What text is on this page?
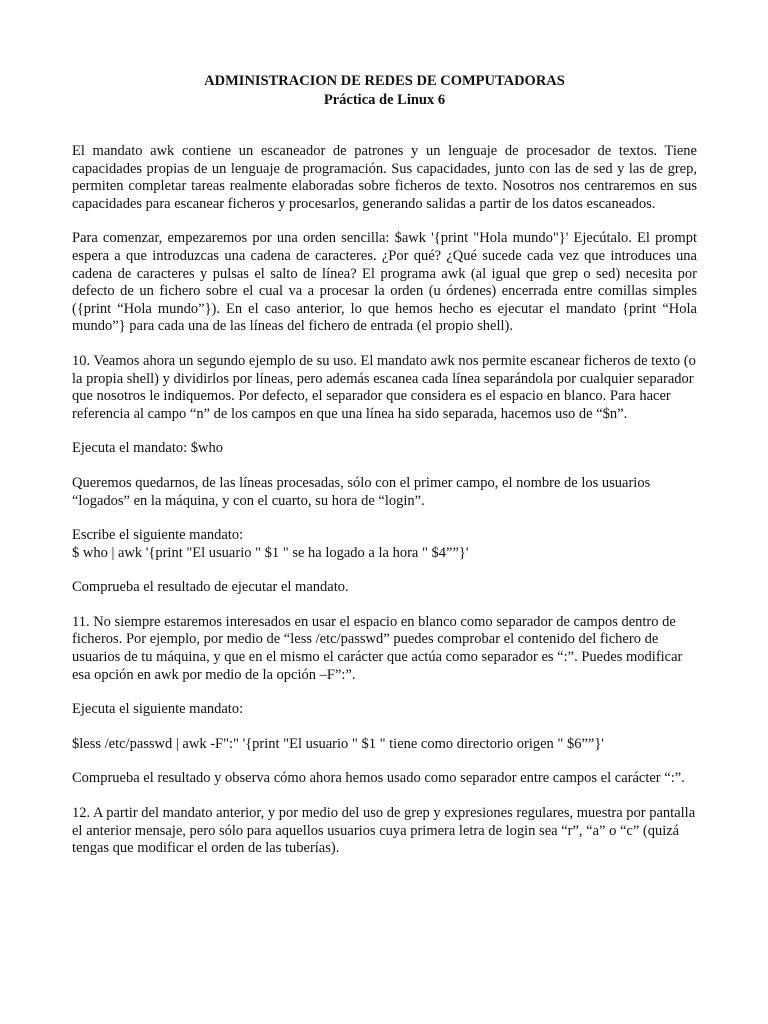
ADMINISTRACION DE REDES DE COMPUTADORAS
Práctica de Linux 6

El mandato awk contiene un escaneador de patrones y un lenguaje de procesador de textos. Tiene capacidades propias de un lenguaje de programación. Sus capacidades, junto con las de sed y las de grep, permiten completar tareas realmente elaboradas sobre ficheros de texto. Nosotros nos centraremos en sus capacidades para escanear ficheros y procesarlos, generando salidas a partir de los datos escaneados.

Para comenzar, empezaremos por una orden sencilla: $awk '{print "Hola mundo"}' Ejecútalo. El prompt espera a que introduzcas una cadena de caracteres. ¿Por qué? ¿Qué sucede cada vez que introduces una cadena de caracteres y pulsas el salto de línea? El programa awk (al igual que grep o sed) necesita por defecto de un fichero sobre el cual va a procesar la orden (u órdenes) encerrada entre comillas simples ({print “Hola mundo”}). En el caso anterior, lo que hemos hecho es ejecutar el mandato {print “Hola mundo”} para cada una de las líneas del fichero de entrada (el propio shell).

10. Veamos ahora un segundo ejemplo de su uso. El mandato awk nos permite escanear ficheros de texto (o la propia shell) y dividirlos por líneas, pero además escanea cada línea separándola por cualquier separador que nosotros le indiquemos. Por defecto, el separador que considera es el espacio en blanco. Para hacer referencia al campo “n” de los campos en que una línea ha sido separada, hacemos uso de “$n”.

Ejecuta el mandato: $who

Queremos quedarnos, de las líneas procesadas, sólo con el primer campo, el nombre de los usuarios “logados” en la máquina, y con el cuarto, su hora de “login”.

Escribe el siguiente mandato:

$ who | awk '{print "El usuario " $1 " se ha logado a la hora " $4””}'

Comprueba el resultado de ejecutar el mandato.

11. No siempre estaremos interesados en usar el espacio en blanco como separador de campos dentro de ficheros. Por ejemplo, por medio de “less /etc/passwd” puedes comprobar el contenido del fichero de usuarios de tu máquina, y que en el mismo el carácter que actúa como separador es “:”. Puedes modificar esa opción en awk por medio de la opción –F”:”.

Ejecuta el siguiente mandato:

$less /etc/passwd | awk -F":" '{print "El usuario " $1 " tiene como directorio origen " $6””}'

Comprueba el resultado y observa cómo ahora hemos usado como separador entre campos el carácter “:”.

12. A partir del mandato anterior, y por medio del uso de grep y expresiones regulares, muestra por pantalla el anterior mensaje, pero sólo para aquellos usuarios cuya primera letra de login sea “r”, “a” o “c” (quizá tengas que modificar el orden de las tuberías).
